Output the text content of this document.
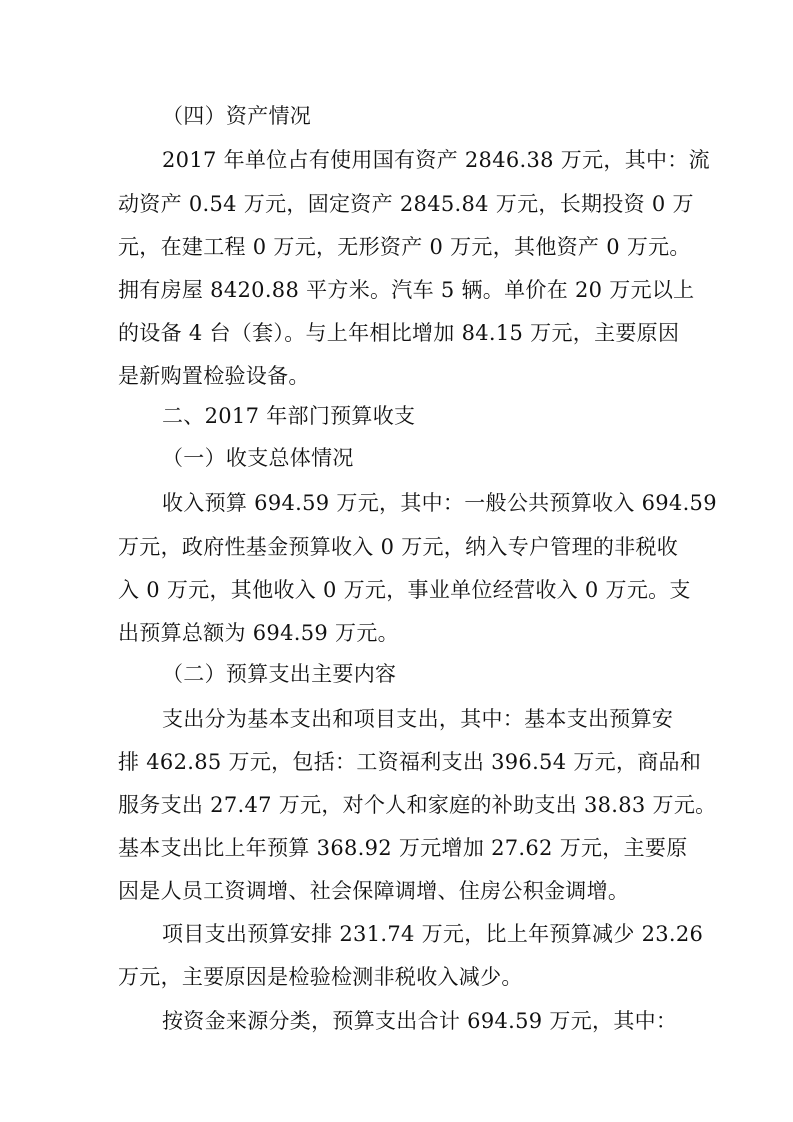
（四）资产情况

2017 年单位占有使用国有资产 2846.38 万元，其中：流

动资产 0.54 万元，固定资产 2845.84 万元，长期投资 0 万

元，在建工程 0 万元，无形资产 0 万元，其他资产 0 万元。

拥有房屋 8420.88 平方米。汽车 5 辆。单价在 20 万元以上

的设备 4 台（套）。与上年相比增加 84.15 万元，主要原因

是新购置检验设备。

二、2017 年部门预算收支

（一）收支总体情况

收入预算 694.59 万元，其中：一般公共预算收入 694.59

万元，政府性基金预算收入 0 万元，纳入专户管理的非税收

入 0 万元，其他收入 0 万元，事业单位经营收入 0 万元。支

出预算总额为 694.59 万元。

（二）预算支出主要内容

支出分为基本支出和项目支出，其中：基本支出预算安

排 462.85 万元，包括：工资福利支出 396.54 万元，商品和

服务支出 27.47 万元，对个人和家庭的补助支出 38.83 万元。

基本支出比上年预算 368.92 万元增加 27.62 万元，主要原

因是人员工资调增、社会保障调增、住房公积金调增。

项目支出预算安排 231.74 万元，比上年预算减少 23.26

万元，主要原因是检验检测非税收入减少。

按资金来源分类，预算支出合计 694.59 万元，其中：
